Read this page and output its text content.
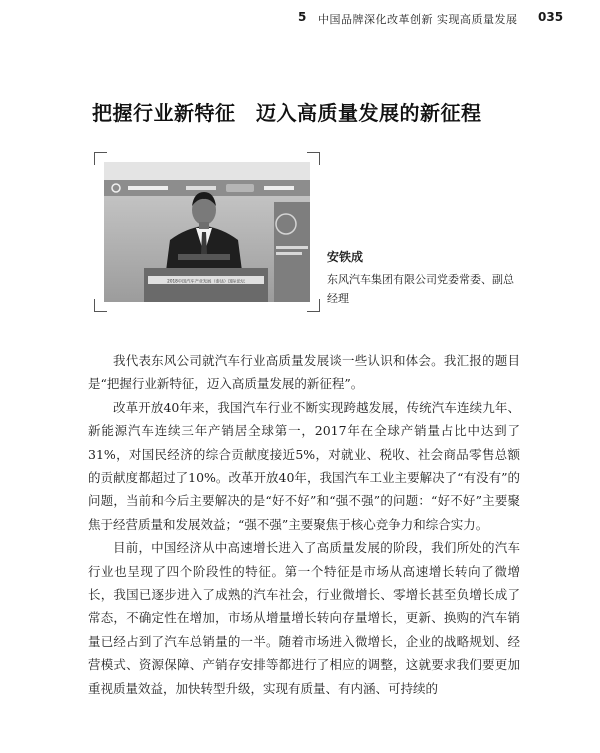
5 中国品牌深化改革创新 实现高质量发展 035
把握行业新特征　迈入高质量发展的新征程
2018中国汽车产业发展（泰达）国际论坛
安铁成
东风汽车集团有限公司党委常委、副总经理

我代表东风公司就汽车行业高质量发展谈一些认识和体会。我汇报的题目是“把握行业新特征，迈入高质量发展的新征程”。

改革开放40年来，我国汽车行业不断实现跨越发展，传统汽车连续九年、新能源汽车连续三年产销居全球第一，2017年在全球产销量占比中达到了31%，对国民经济的综合贡献度接近5%，对就业、税收、社会商品零售总额的贡献度都超过了10%。改革开放40年，我国汽车工业主要解决了“有没有”的问题，当前和今后主要解决的是“好不好”和“强不强”的问题：“好不好”主要聚焦于经营质量和发展效益；“强不强”主要聚焦于核心竞争力和综合实力。

目前，中国经济从中高速增长进入了高质量发展的阶段，我们所处的汽车行业也呈现了四个阶段性的特征。第一个特征是市场从高速增长转向了微增长，我国已逐步进入了成熟的汽车社会，行业微增长、零增长甚至负增长成了常态，不确定性在增加，市场从增量增长转向存量增长，更新、换购的汽车销量已经占到了汽车总销量的一半。随着市场进入微增长，企业的战略规划、经营模式、资源保障、产销存安排等都进行了相应的调整，这就要求我们要更加重视质量效益，加快转型升级，实现有质量、有内涵、可持续的
